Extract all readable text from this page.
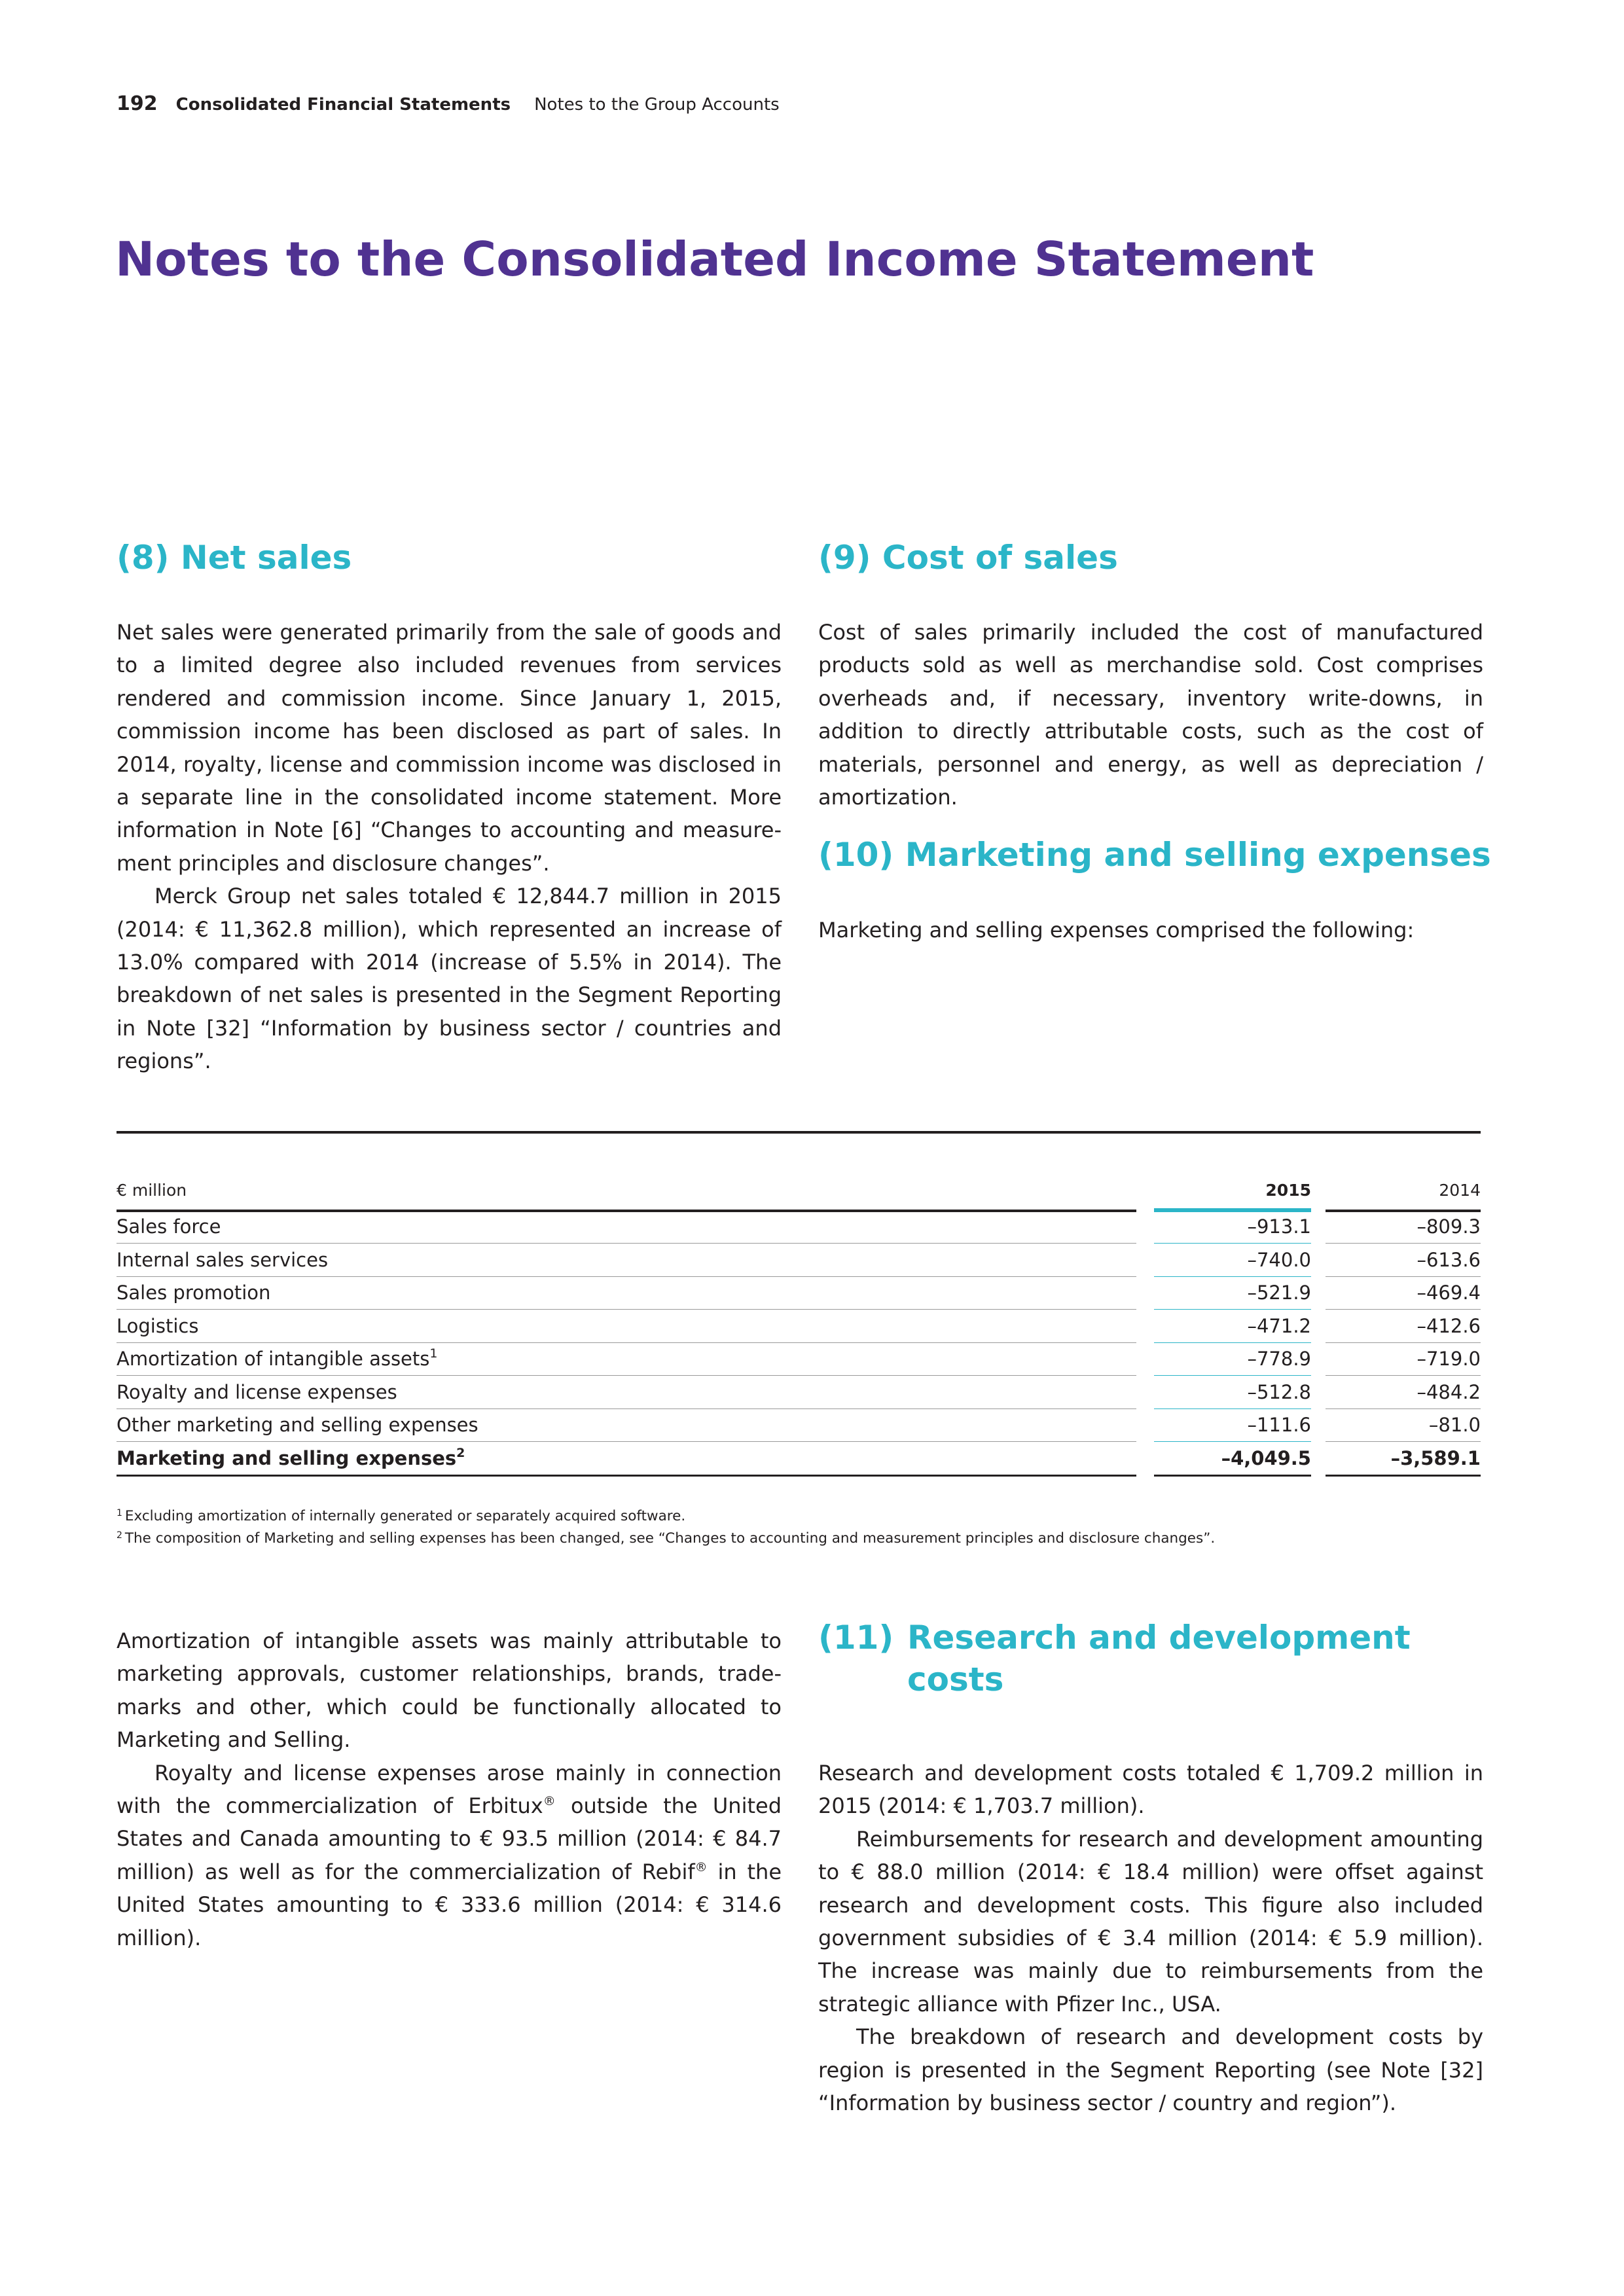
192 Consolidated Financial Statements Notes to the Group Accounts
Notes to the Consolidated Income Statement
(8) Net sales

Net sales were generated primarily from the sale of goods and to a limited degree also included revenues from services rendered and commission income. Since January 1, 2015, commission income has been disclosed as part of sales. In 2014, royalty, license and commission income was disclosed in a separate line in the consolidated income statement. More information in Note [6] “Changes to accounting and measure-ment principles and disclosure changes”.

Merck Group net sales totaled € 12,844.7 million in 2015 (2014: € 11,362.8 million), which represented an increase of 13.0% compared with 2014 (increase of 5.5% in 2014). The breakdown of net sales is presented in the Segment Reporting in Note [32] “Information by business sector / countries and regions”.

(9) Cost of sales

Cost of sales primarily included the cost of manufactured products sold as well as merchandise sold. Cost comprises overheads and, if necessary, inventory write-downs, in addition to directly attributable costs, such as the cost of materials, personnel and energy, as well as depreciation / amortization.

(10) Marketing and selling expenses

Marketing and selling expenses comprised the following:

€ million	2015	2014
Sales force	–913.1	–809.3
Internal sales services	–740.0	–613.6
Sales promotion	–521.9	–469.4
Logistics	–471.2	–412.6
Amortization of intangible assets$^1$	–778.9	–719.0
Royalty and license expenses	–512.8	–484.2
Other marketing and selling expenses	–111.6	–81.0
Marketing and selling expenses$^2$	–4,049.5	–3,589.1
$^1$ Excluding amortization of internally generated or separately acquired software.
$^2$ The composition of Marketing and selling expenses has been changed, see “Changes to accounting and measurement principles and disclosure changes”.

Amortization of intangible assets was mainly attributable to marketing approvals, customer relationships, brands, trade-marks and other, which could be functionally allocated to Marketing and Selling.

Royalty and license expenses arose mainly in connection with the commercialization of Erbitux® outside the United States and Canada amounting to € 93.5 million (2014: € 84.7 million) as well as for the commercialization of Rebif® in the United States amounting to € 333.6 million (2014: € 314.6 million).

(11) Research and development
costs

Research and development costs totaled € 1,709.2 million in 2015 (2014: € 1,703.7 million).

Reimbursements for research and development amounting to € 88.0 million (2014: € 18.4 million) were offset against research and development costs. This figure also included government subsidies of € 3.4 million (2014: € 5.9 million). The increase was mainly due to reimbursements from the strategic alliance with Pfizer Inc., USA.

The breakdown of research and development costs by region is presented in the Segment Reporting (see Note [32] “Information by business sector / country and region”).
